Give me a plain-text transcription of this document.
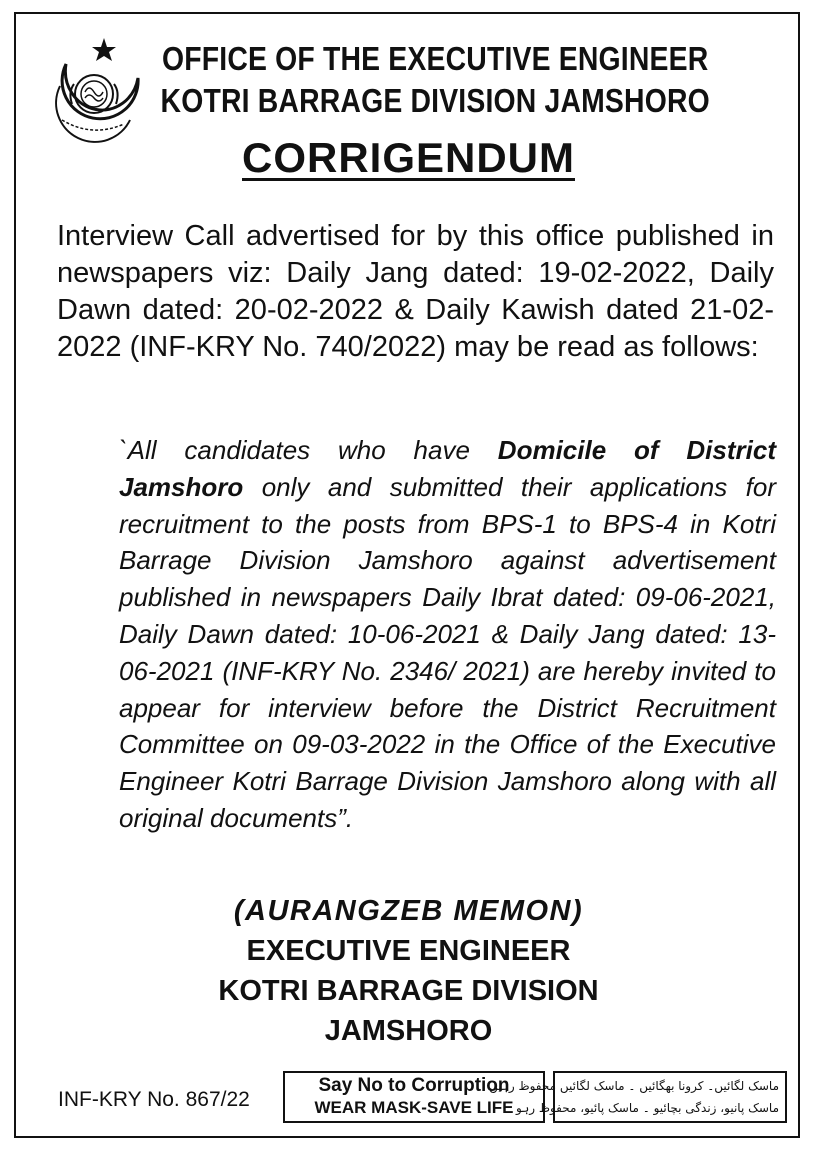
OFFICE OF THE EXECUTIVE ENGINEER
KOTRI BARRAGE DIVISION JAMSHORO
CORRIGENDUM
Interview Call advertised for by this office published in newspapers viz: Daily Jang dated: 19-02-2022, Daily Dawn dated: 20-02-2022 & Daily Kawish dated 21-02-2022 (INF-KRY No. 740/2022) may be read as follows:
`All candidates who have Domicile of District Jamshoro only and submitted their applications for recruitment to the posts from BPS-1 to BPS-4 in Kotri Barrage Division Jamshoro against advertisement published in newspapers Daily Ibrat dated: 09-06-2021, Daily Dawn dated: 10-06-2021 & Daily Jang dated: 13-06-2021 (INF-KRY No. 2346/ 2021) are hereby invited to appear for interview before the District Recruitment Committee on 09-03-2022 in the Office of the Executive Engineer Kotri Barrage Division Jamshoro along with all original documents”.
(AURANGZEB MEMON)
EXECUTIVE ENGINEER
KOTRI BARRAGE DIVISION
JAMSHORO
INF-KRY No. 867/22
Say No to Corruption
WEAR MASK-SAVE LIFE
ماسک لگائیں۔ کرونا بھگائیں ۔ ماسک لگائیں محفوظ رہیں
ماسک پانیو، زندگی بچائیو ۔ ماسک پائیو، محفوظ رہو
